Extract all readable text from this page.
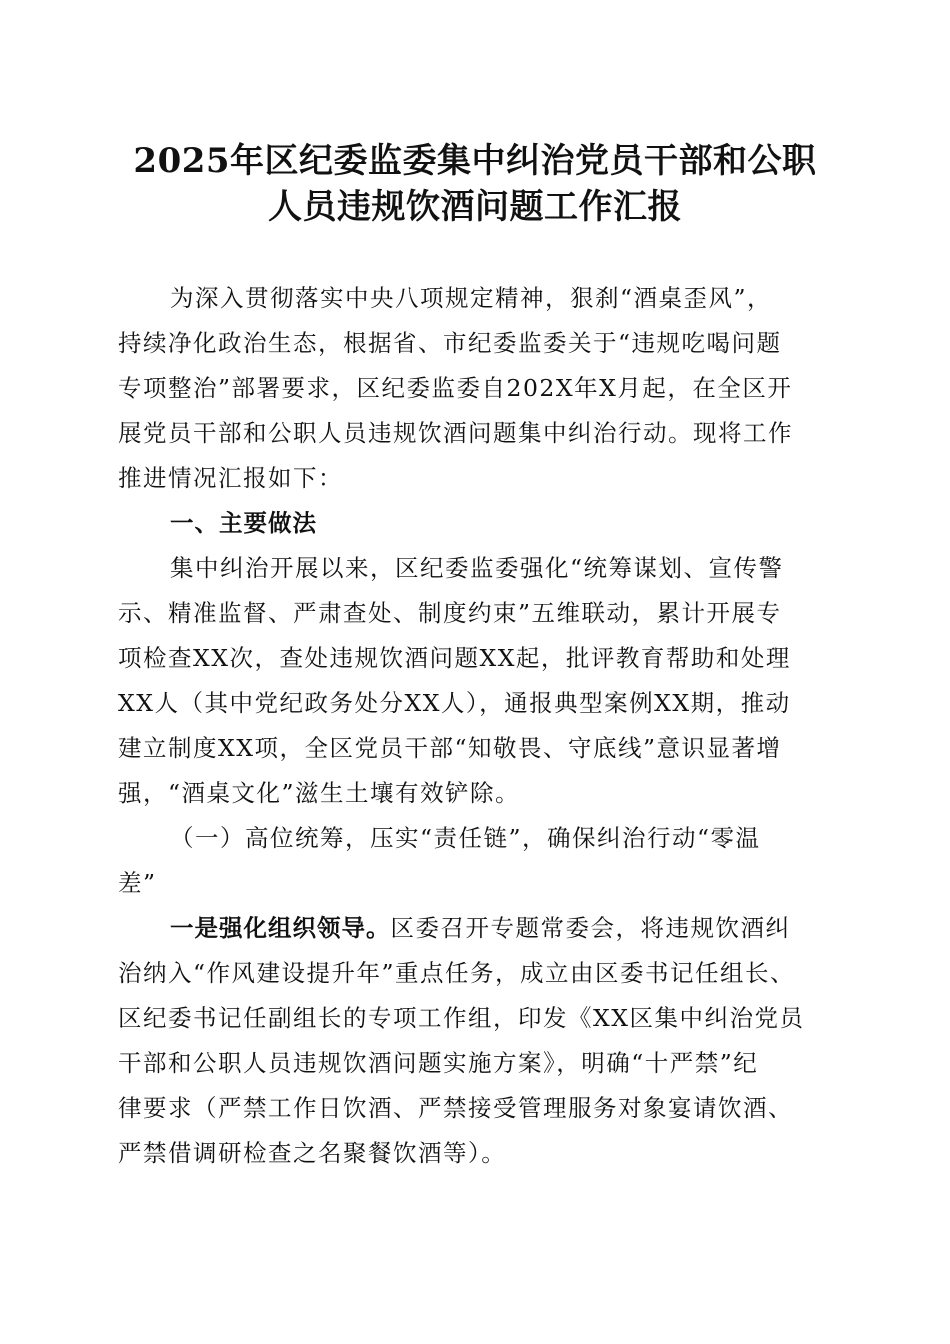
2025年区纪委监委集中纠治党员干部和公职
人员违规饮酒问题工作汇报
为深入贯彻落实中央八项规定精神，狠刹“酒桌歪风”，
持续净化政治生态，根据省、市纪委监委关于“违规吃喝问题
专项整治”部署要求，区纪委监委自202X年X月起，在全区开
展党员干部和公职人员违规饮酒问题集中纠治行动。现将工作
推进情况汇报如下：
一、主要做法
集中纠治开展以来，区纪委监委强化“统筹谋划、宣传警
示、精准监督、严肃查处、制度约束”五维联动，累计开展专
项检查XX次，查处违规饮酒问题XX起，批评教育帮助和处理
XX人（其中党纪政务处分XX人），通报典型案例XX期，推动
建立制度XX项，全区党员干部“知敬畏、守底线”意识显著增
强，“酒桌文化”滋生土壤有效铲除。
（一）高位统筹，压实“责任链”，确保纠治行动“零温
差”
一是强化组织领导。区委召开专题常委会，将违规饮酒纠
治纳入“作风建设提升年”重点任务，成立由区委书记任组长、
区纪委书记任副组长的专项工作组，印发《XX区集中纠治党员
干部和公职人员违规饮酒问题实施方案》，明确“十严禁”纪
律要求（严禁工作日饮酒、严禁接受管理服务对象宴请饮酒、
严禁借调研检查之名聚餐饮酒等）。
